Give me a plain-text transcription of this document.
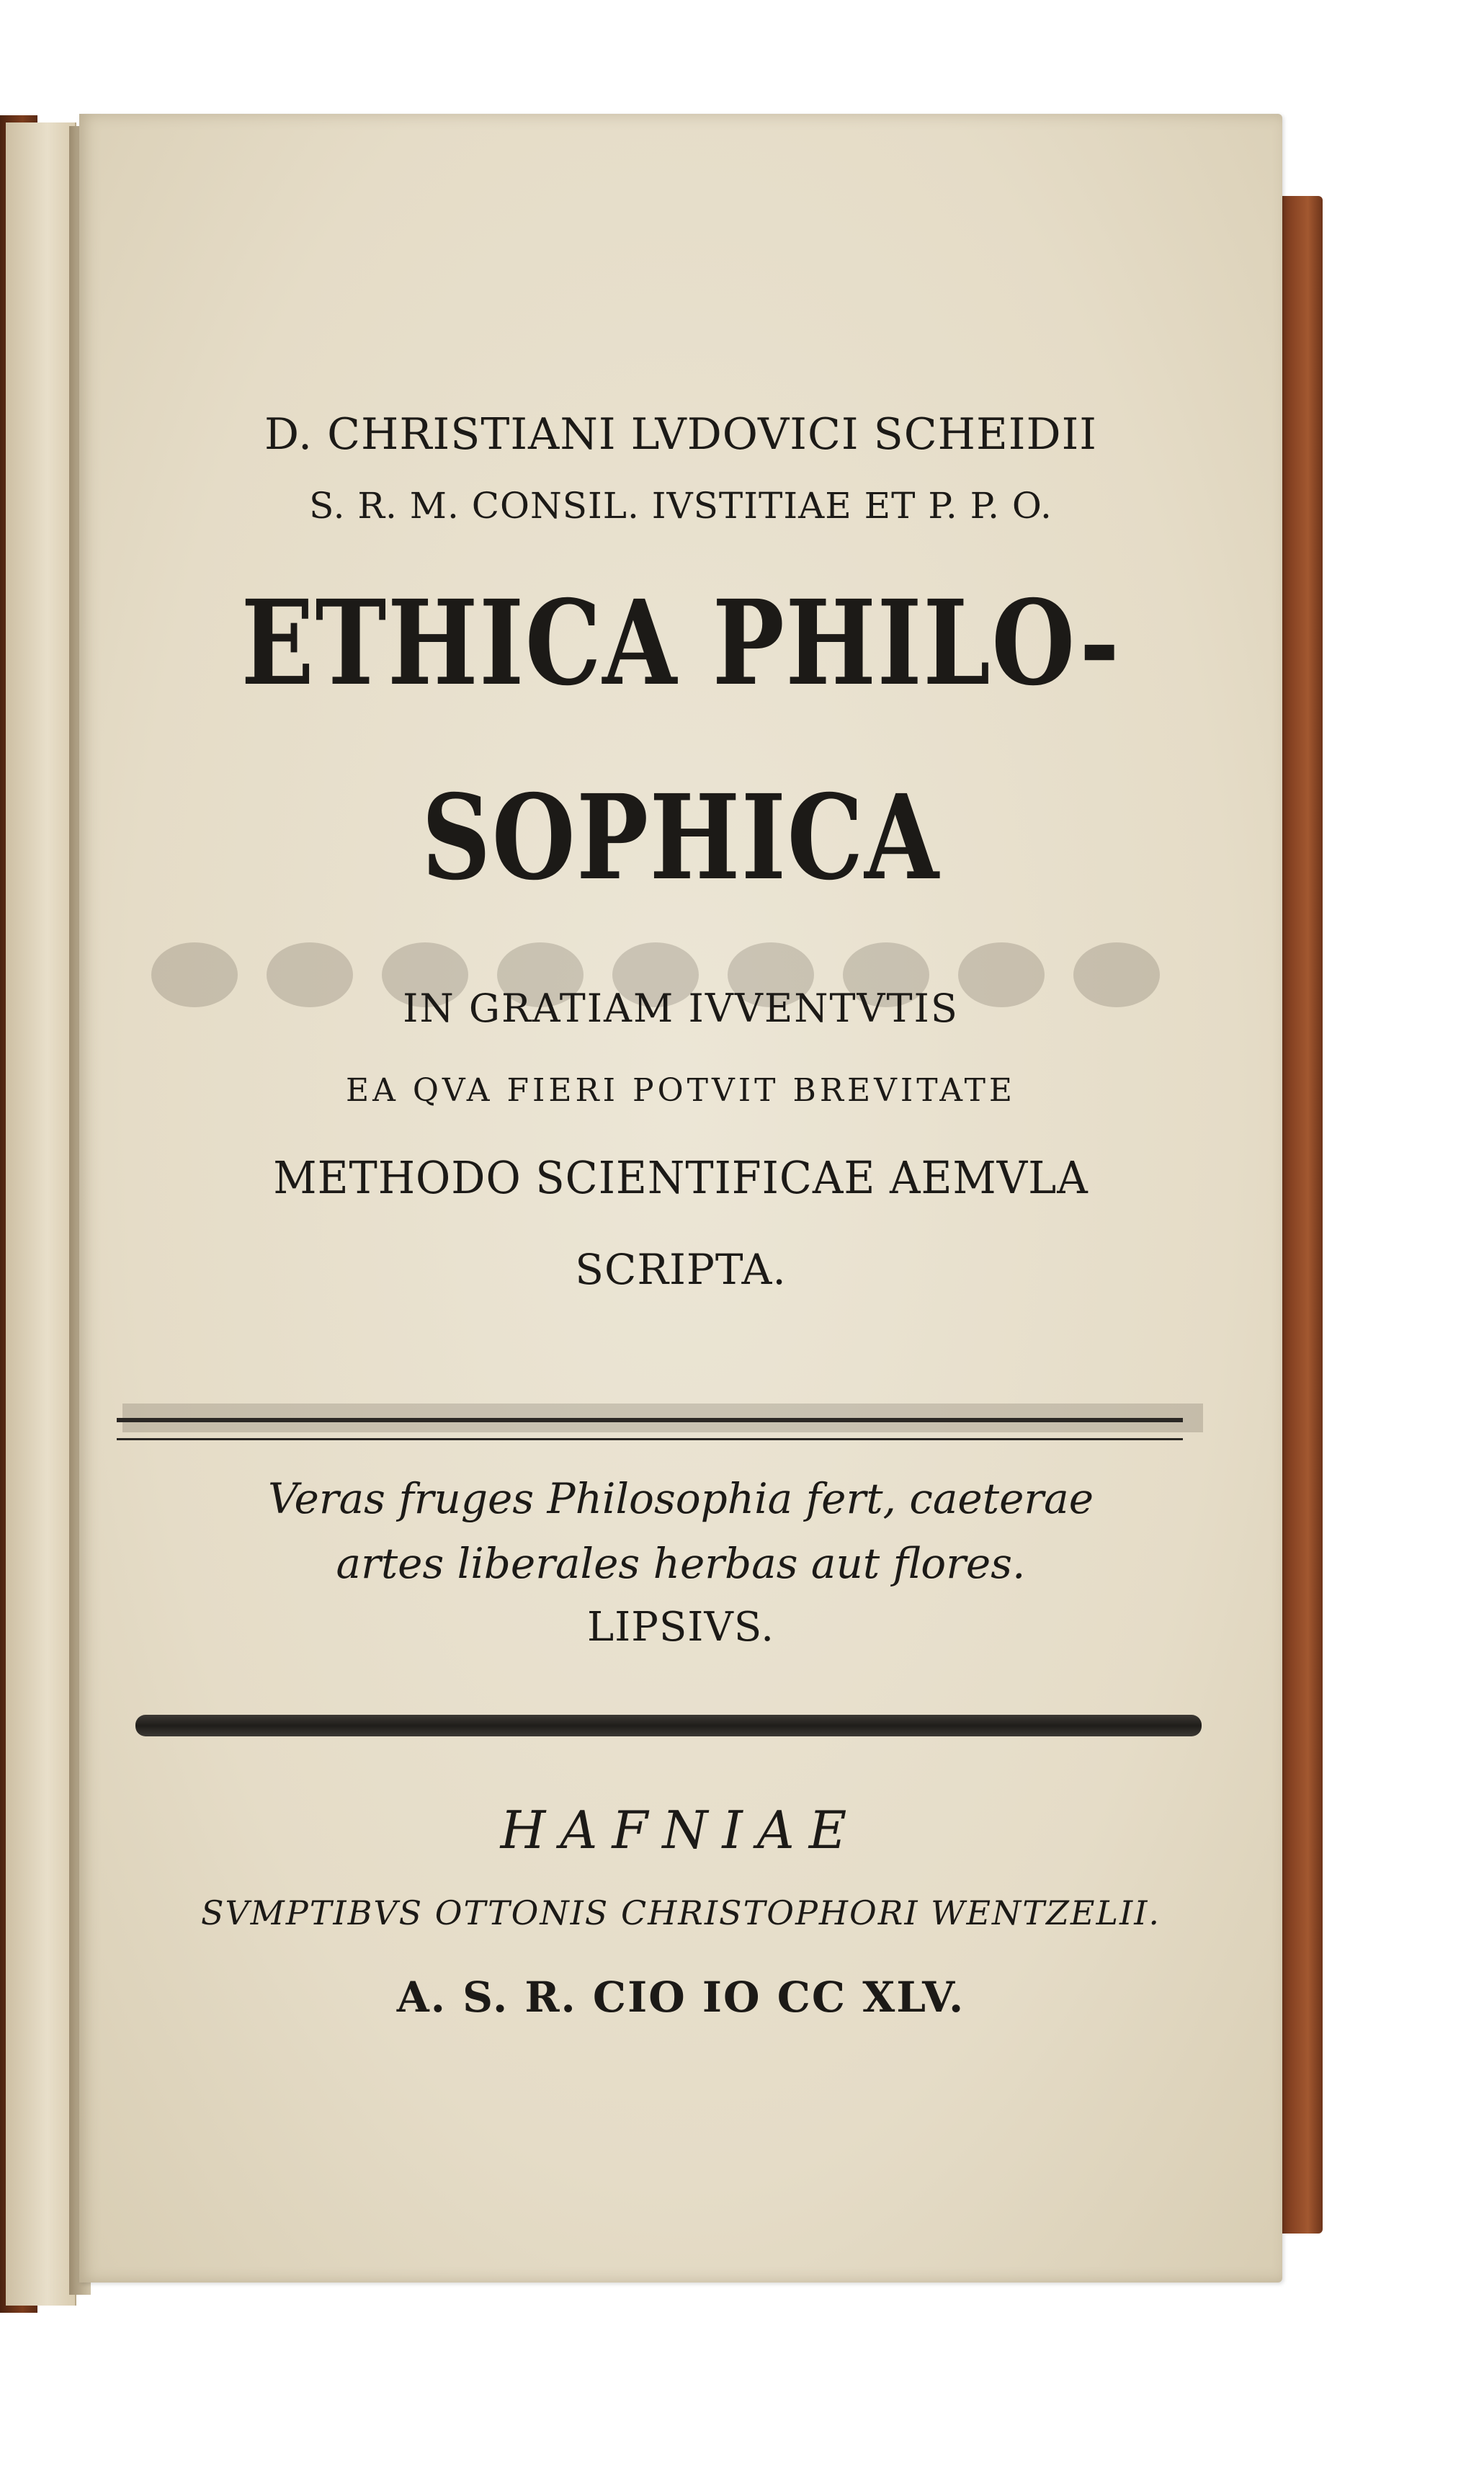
D. CHRISTIANI LVDOVICI SCHEIDII
S. R. M. CONSIL. IVSTITIAE ET P. P. O.
ETHICA PHILO-
SOPHICA
IN GRATIAM IVVENTVTIS
EA QVA FIERI POTVIT BREVITATE
METHODO SCIENTIFICAE AEMVLA
SCRIPTA.
Veras fruges Philosophia fert, caeterae
artes liberales herbas aut flores.
LIPSIVS.
HAFNIAE
SVMPTIBVS OTTONIS CHRISTOPHORI WENTZELII.
A. S. R. CIO IO CC XLV.
